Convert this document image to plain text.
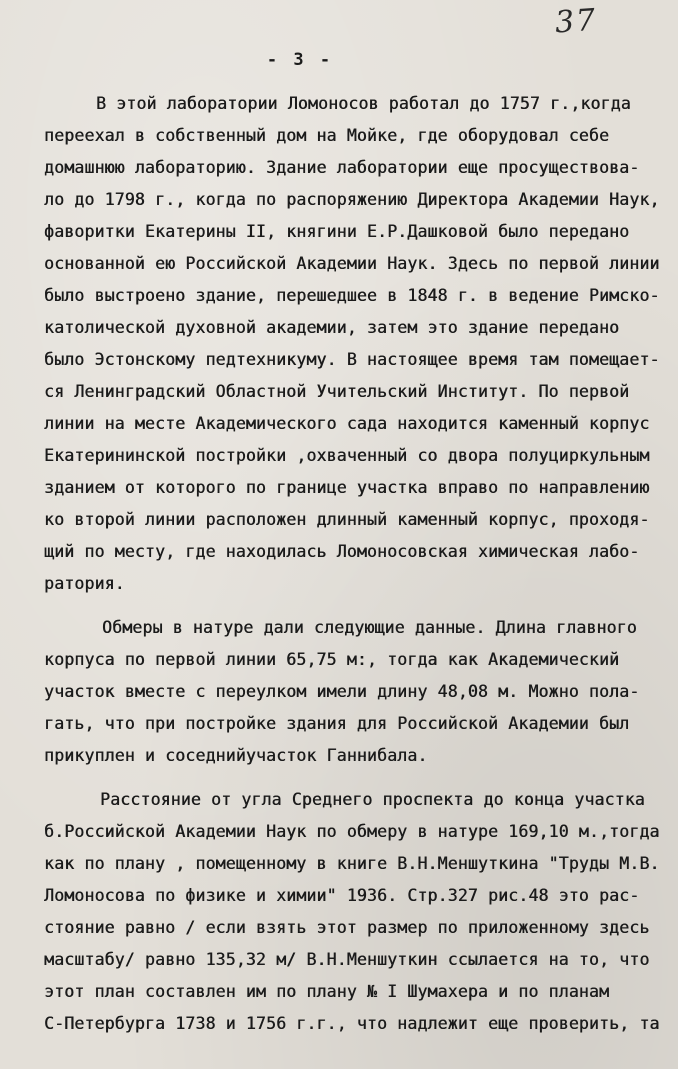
37
- 3 -
В этой лаборатории Ломоносов работал до 1757 г.,когда
переехал в собственный дом на Мойке, где оборудовал себе
домашнюю лабораторию. Здание лаборатории еще просуществова-
ло до 1798 г., когда по распоряжению Директора Академии Наук,
фаворитки Екатерины II, княгини Е.Р.Дашковой было передано
основанной ею Российской Академии Наук. Здесь по первой линии
было выстроено здание, перешедшее в 1848 г. в ведение Римско-
католической духовной академии, затем это здание передано
было Эстонскому педтехникуму. В настоящее время там помещает-
ся Ленинградский Областной Учительский Институт. По первой
линии на месте Академического сада находится каменный корпус
Екатерининской постройки ,охваченный со двора полуциркульным
зданием от которого по границе участка вправо по направлению
ко второй линии расположен длинный каменный корпус, проходя-
щий по месту, где находилась Ломоносовская химическая лабо-
ратория.
Обмеры в натуре дали следующие данные. Длина главного
корпуса по первой линии 65,75 м:, тогда как Академический
участок вместе с переулком имели длину 48,08 м. Можно пола-
гать, что при постройке здания для Российской Академии был
прикуплен и соседнийучасток Ганнибала.
Расстояние от угла Среднего проспекта до конца участка
б.Российской Академии Наук по обмеру в натуре 169,10 м.,тогда
как по плану , помещенному в книге В.Н.Меншуткина "Труды М.В.
Ломоносова по физике и химии" 1936. Стр.327 рис.48 это рас-
стояние равно / если взять этот размер по приложенному здесь
масштабу/ равно 135,32 м/ В.Н.Меншуткин ссылается на то, что
этот план составлен им по плану № I Шумахера и по планам
С-Петербурга 1738 и 1756 г.г., что надлежит еще проверить, та
